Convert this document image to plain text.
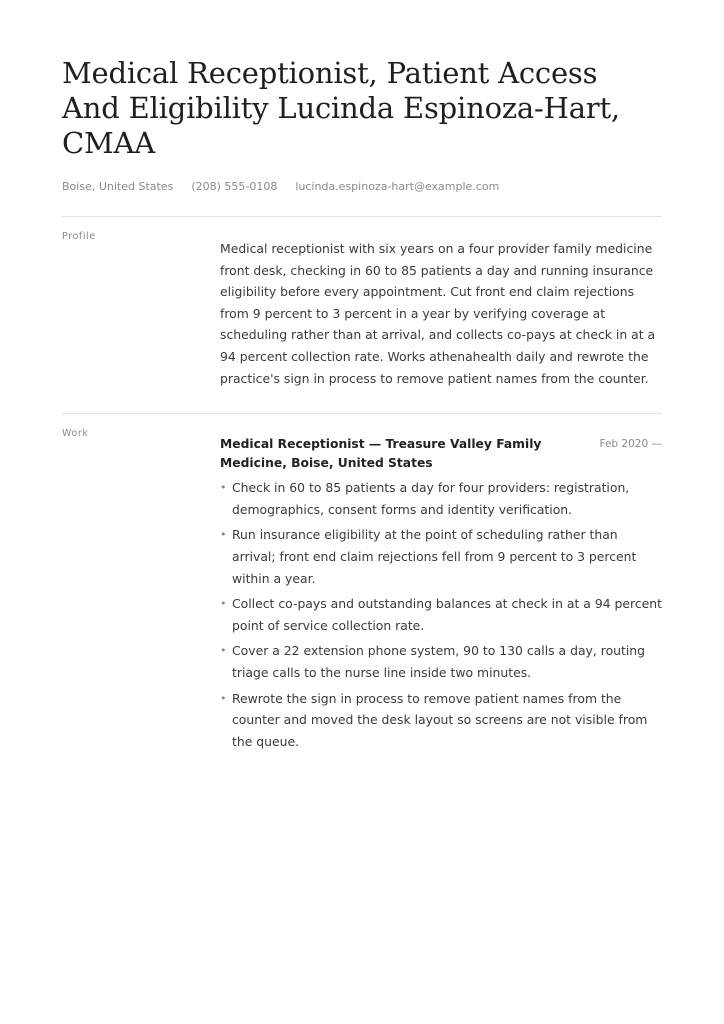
Medical Receptionist, Patient Access And Eligibility Lucinda Espinoza-Hart, CMAA
Boise, United States (208) 555-0108 lucinda.espinoza-hart@example.com
Profile

Medical receptionist with six years on a four provider family medicine front desk, checking in 60 to 85 patients a day and running insurance eligibility before every appointment. Cut front end claim rejections from 9 percent to 3 percent in a year by verifying coverage at scheduling rather than at arrival, and collects co-pays at check in at a 94 percent collection rate. Works athenahealth daily and rewrote the practice's sign in process to remove patient names from the counter.

Work
Medical Receptionist — Treasure Valley Family Medicine, Boise, United States
Feb 2020 —
• Check in 60 to 85 patients a day for four providers: registration, demographics, consent forms and identity verification.
• Run insurance eligibility at the point of scheduling rather than arrival; front end claim rejections fell from 9 percent to 3 percent within a year.
• Collect co-pays and outstanding balances at check in at a 94 percent point of service collection rate.
• Cover a 22 extension phone system, 90 to 130 calls a day, routing triage calls to the nurse line inside two minutes.
• Rewrote the sign in process to remove patient names from the counter and moved the desk layout so screens are not visible from the queue.
